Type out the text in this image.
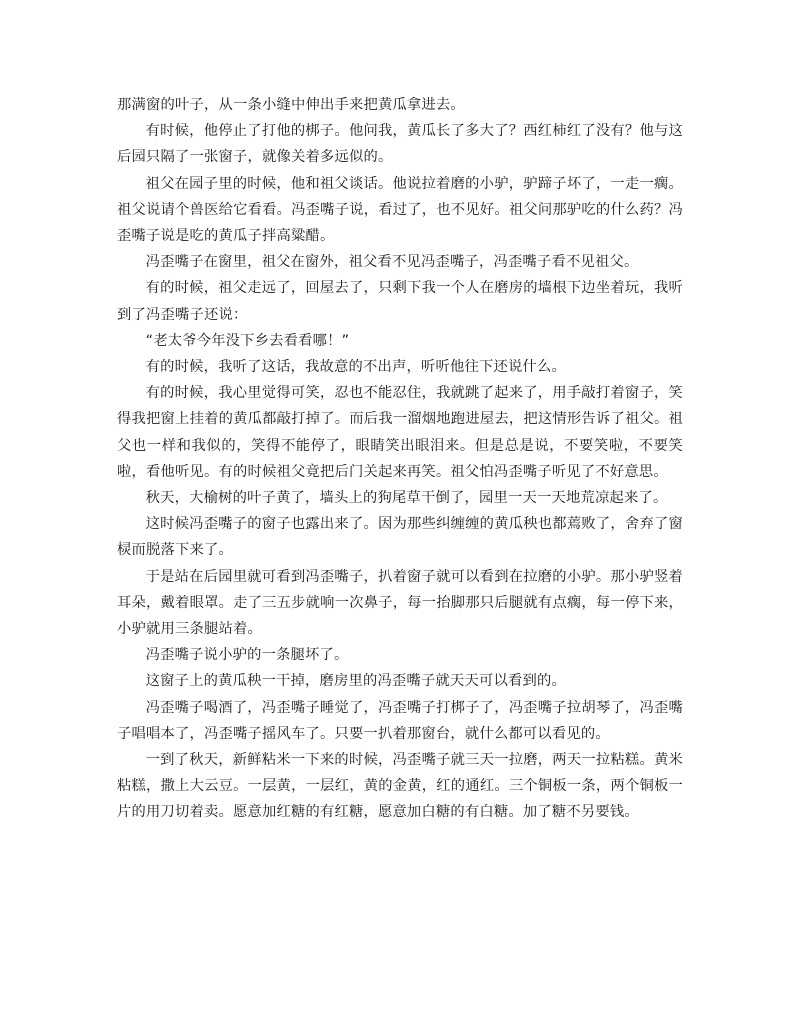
那满窗的叶子，从一条小缝中伸出手来把黄瓜拿进去。

有时候，他停止了打他的梆子。他问我，黄瓜长了多大了？西红柿红了没有？他与这后园只隔了一张窗子，就像关着多远似的。

祖父在园子里的时候，他和祖父谈话。他说拉着磨的小驴，驴蹄子坏了，一走一瘸。祖父说请个兽医给它看看。冯歪嘴子说，看过了，也不见好。祖父问那驴吃的什么药？冯歪嘴子说是吃的黄瓜子拌高粱醋。

冯歪嘴子在窗里，祖父在窗外，祖父看不见冯歪嘴子，冯歪嘴子看不见祖父。

有的时候，祖父走远了，回屋去了，只剩下我一个人在磨房的墙根下边坐着玩，我听到了冯歪嘴子还说：

“老太爷今年没下乡去看看哪！”

有的时候，我听了这话，我故意的不出声，听听他往下还说什么。

有的时候，我心里觉得可笑，忍也不能忍住，我就跳了起来了，用手敲打着窗子，笑得我把窗上挂着的黄瓜都敲打掉了。而后我一溜烟地跑进屋去，把这情形告诉了祖父。祖父也一样和我似的，笑得不能停了，眼睛笑出眼泪来。但是总是说，不要笑啦，不要笑啦，看他听见。有的时候祖父竟把后门关起来再笑。祖父怕冯歪嘴子听见了不好意思。

秋天，大榆树的叶子黄了，墙头上的狗尾草干倒了，园里一天一天地荒凉起来了。

这时候冯歪嘴子的窗子也露出来了。因为那些纠缠缠的黄瓜秧也都蔫败了，舍弃了窗棂而脱落下来了。

于是站在后园里就可看到冯歪嘴子，扒着窗子就可以看到在拉磨的小驴。那小驴竖着耳朵，戴着眼罩。走了三五步就响一次鼻子，每一抬脚那只后腿就有点瘸，每一停下来，小驴就用三条腿站着。

冯歪嘴子说小驴的一条腿坏了。

这窗子上的黄瓜秧一干掉，磨房里的冯歪嘴子就天天可以看到的。

冯歪嘴子喝酒了，冯歪嘴子睡觉了，冯歪嘴子打梆子了，冯歪嘴子拉胡琴了，冯歪嘴子唱唱本了，冯歪嘴子摇风车了。只要一扒着那窗台，就什么都可以看见的。

一到了秋天，新鲜粘米一下来的时候，冯歪嘴子就三天一拉磨，两天一拉粘糕。黄米粘糕，撒上大云豆。一层黄，一层红，黄的金黄，红的通红。三个铜板一条，两个铜板一片的用刀切着卖。愿意加红糖的有红糖，愿意加白糖的有白糖。加了糖不另要钱。
